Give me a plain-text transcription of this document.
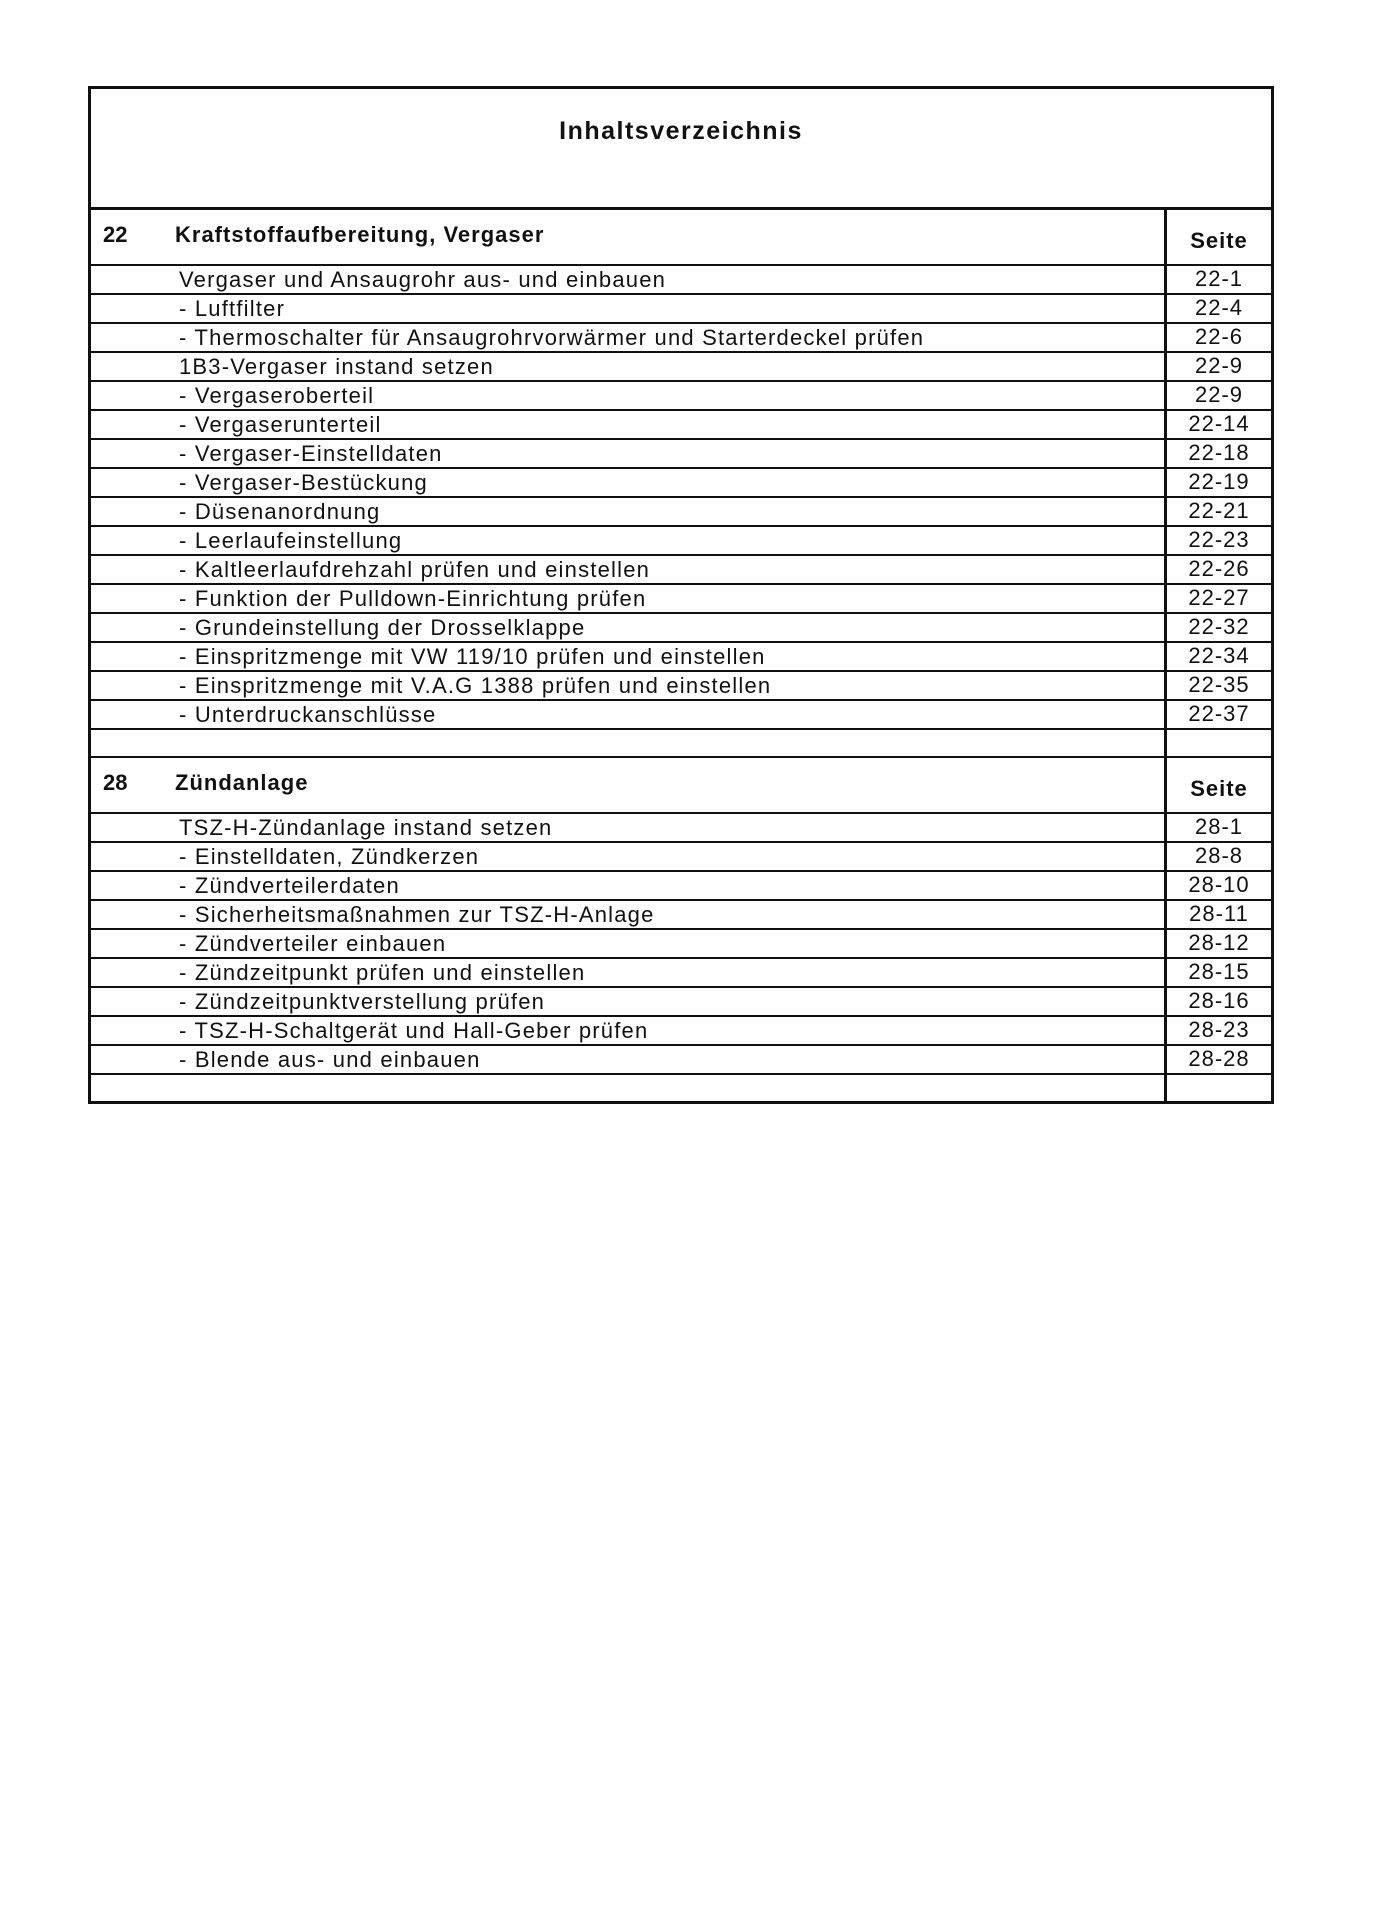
Inhaltsverzeichnis
22	Kraftstoffaufbereitung, Vergaser	Seite
Vergaser und Ansaugrohr aus- und einbauen	22-1
- Luftfilter	22-4
- Thermoschalter für Ansaugrohrvorwärmer und Starterdeckel prüfen	22-6
1B3-Vergaser instand setzen	22-9
- Vergaseroberteil	22-9
- Vergaserunterteil	22-14
- Vergaser-Einstelldaten	22-18
- Vergaser-Bestückung	22-19
- Düsenanordnung	22-21
- Leerlaufeinstellung	22-23
- Kaltleerlaufdrehzahl prüfen und einstellen	22-26
- Funktion der Pulldown-Einrichtung prüfen	22-27
- Grundeinstellung der Drosselklappe	22-32
- Einspritzmenge mit VW 119/10 prüfen und einstellen	22-34
- Einspritzmenge mit V.A.G 1388 prüfen und einstellen	22-35
- Unterdruckanschlüsse	22-37
28	Zündanlage	Seite
TSZ-H-Zündanlage instand setzen	28-1
- Einstelldaten, Zündkerzen	28-8
- Zündverteilerdaten	28-10
- Sicherheitsmaßnahmen zur TSZ-H-Anlage	28-11
- Zündverteiler einbauen	28-12
- Zündzeitpunkt prüfen und einstellen	28-15
- Zündzeitpunktverstellung prüfen	28-16
- TSZ-H-Schaltgerät und Hall-Geber prüfen	28-23
- Blende aus- und einbauen	28-28
